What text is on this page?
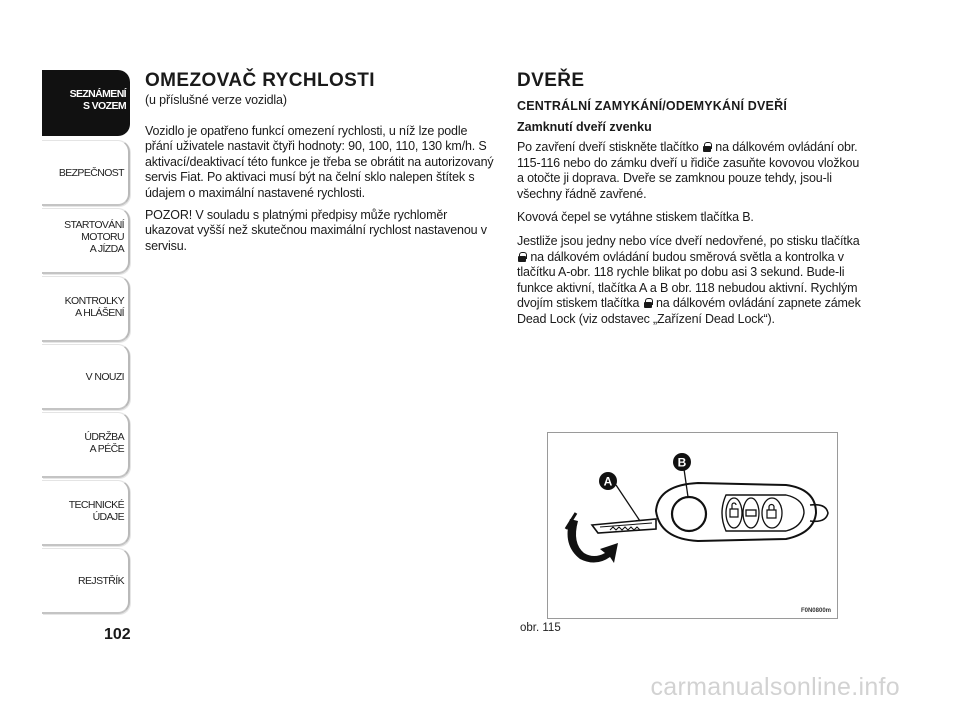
SEZNÁMENÍ
S VOZEM
BEZPEČNOST
STARTOVÁNÍ
MOTORU
A JÍZDA
KONTROLKY
A HLÁŠENÍ
V NOUZI
ÚDRŽBA
A PÉČE
TECHNICKÉ
ÚDAJE
REJSTŘÍK
102
OMEZOVAČ RYCHLOSTI

(u příslušné verze vozidla)

Vozidlo je opatřeno funkcí omezení rychlosti, u níž lze podle přání uživatele nastavit čtyři hodnoty: 90, 100, 110, 130 km/h. S aktivací/deaktivací této funkce je třeba se obrátit na autorizovaný servis Fiat. Po aktivaci musí být na čelní sklo nalepen štítek s údajem o maximální nastavené rychlosti.

POZOR! V souladu s platnými předpisy může rychloměr ukazovat vyšší než skutečnou maximální rychlost nastavenou v servisu.

DVEŘE
CENTRÁLNÍ ZAMYKÁNÍ/ODEMYKÁNÍ DVEŘÍ
Zamknutí dveří zvenku

Po zavření dveří stiskněte tlačítko na dálkovém ovládání obr. 115-116 nebo do zámku dveří u řidiče zasuňte kovovou vložkou a otočte ji doprava. Dveře se zamknou pouze tehdy, jsou-li všechny řádně zavřené.

Kovová čepel se vytáhne stiskem tlačítka B.

Jestliže jsou jedny nebo více dveří nedovřené, po stisku tlačítka  na dálkovém ovládání budou směrová světla a kontrolka v tlačítku A-obr. 118 rychle blikat po dobu asi 3 sekund. Bude-li funkce aktivní, tlačítka A a B obr. 118 nebudou aktivní. Rychlým dvojím stiskem tlačítka na dálkovém ovládání zapnete zámek Dead Lock (viz odstavec „Zařízení Dead Lock“).

A
B
F0N0800m
obr. 115
carmanualsonline.info
